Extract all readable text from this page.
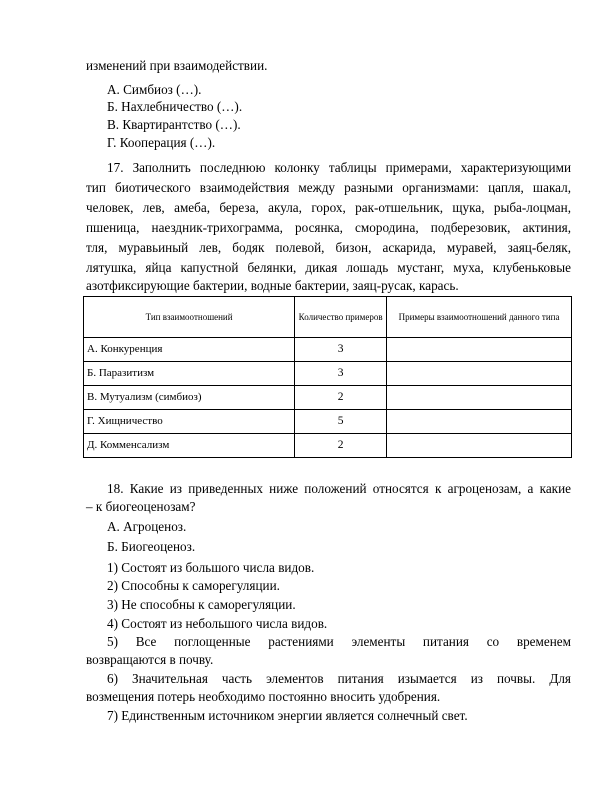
изменений при взаимодействии.
А. Симбиоз (…).
Б. Нахлебничество (…).
В. Квартирантство (…).
Г. Кооперация (…).
17. Заполнить последнюю колонку таблицы примерами, характеризующими
тип биотического взаимодействия между разными организмами: цапля, шакал,
человек, лев, амеба, береза, акула, горох, рак-отшельник, щука, рыба-лоцман,
пшеница, наездник-трихограмма, росянка, смородина, подберезовик, актиния,
тля, муравьиный лев, бодяк полевой, бизон, аскарида, муравей, заяц-беляк,
лятушка, яйца капустной белянки, дикая лошадь мустанг, муха, клубеньковые
азотфиксирующие бактерии, водные бактерии, заяц-русак, карась.
Тип взаимоотношений	Количество примеров	Примеры взаимоотношений данного типа
А. Конкуренция	3	
Б. Паразитизм	3	
В. Мутуализм (симбиоз)	2	
Г. Хищничество	5	
Д. Комменсализм	2	
18. Какие из приведенных ниже положений относятся к агроценозам, а какие
– к биогеоценозам?
А. Агроценоз.
Б. Биогеоценоз.
1) Состоят из большого числа видов.
2) Способны к саморегуляции.
3) Не способны к саморегуляции.
4) Состоят из небольшого числа видов.
5) Все поглощенные растениями элементы питания со временем
возвращаются в почву.
6) Значительная часть элементов питания изымается из почвы. Для
возмещения потерь необходимо постоянно вносить удобрения.
7) Единственным источником энергии является солнечный свет.
